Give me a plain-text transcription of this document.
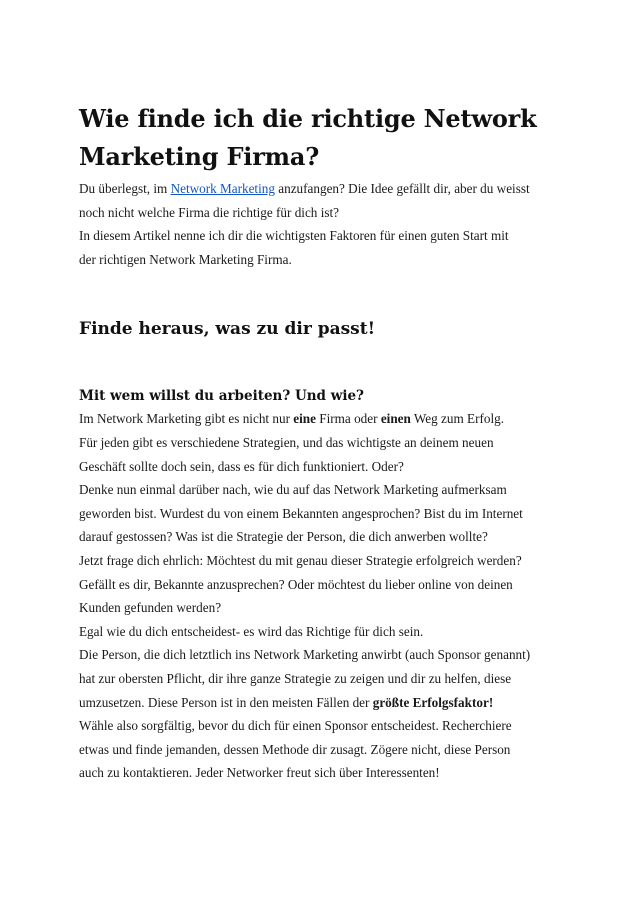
Wie finde ich die richtige Network
Marketing Firma?

Du überlegst, im Network Marketing anzufangen? Die Idee gefällt dir, aber du weisst

noch nicht welche Firma die richtige für dich ist?

In diesem Artikel nenne ich dir die wichtigsten Faktoren für einen guten Start mit

der richtigen Network Marketing Firma.

Finde heraus, was zu dir passt!
Mit wem willst du arbeiten? Und wie?

Im Network Marketing gibt es nicht nur eine Firma oder einen Weg zum Erfolg.

Für jeden gibt es verschiedene Strategien, und das wichtigste an deinem neuen

Geschäft sollte doch sein, dass es für dich funktioniert. Oder?

Denke nun einmal darüber nach, wie du auf das Network Marketing aufmerksam

geworden bist. Wurdest du von einem Bekannten angesprochen? Bist du im Internet

darauf gestossen? Was ist die Strategie der Person, die dich anwerben wollte?

Jetzt frage dich ehrlich: Möchtest du mit genau dieser Strategie erfolgreich werden?

Gefällt es dir, Bekannte anzusprechen? Oder möchtest du lieber online von deinen

Kunden gefunden werden?

Egal wie du dich entscheidest- es wird das Richtige für dich sein.

Die Person, die dich letztlich ins Network Marketing anwirbt (auch Sponsor genannt)

hat zur obersten Pflicht, dir ihre ganze Strategie zu zeigen und dir zu helfen, diese

umzusetzen. Diese Person ist in den meisten Fällen der größte Erfolgsfaktor!

Wähle also sorgfältig, bevor du dich für einen Sponsor entscheidest. Recherchiere

etwas und finde jemanden, dessen Methode dir zusagt. Zögere nicht, diese Person

auch zu kontaktieren. Jeder Networker freut sich über Interessenten!
